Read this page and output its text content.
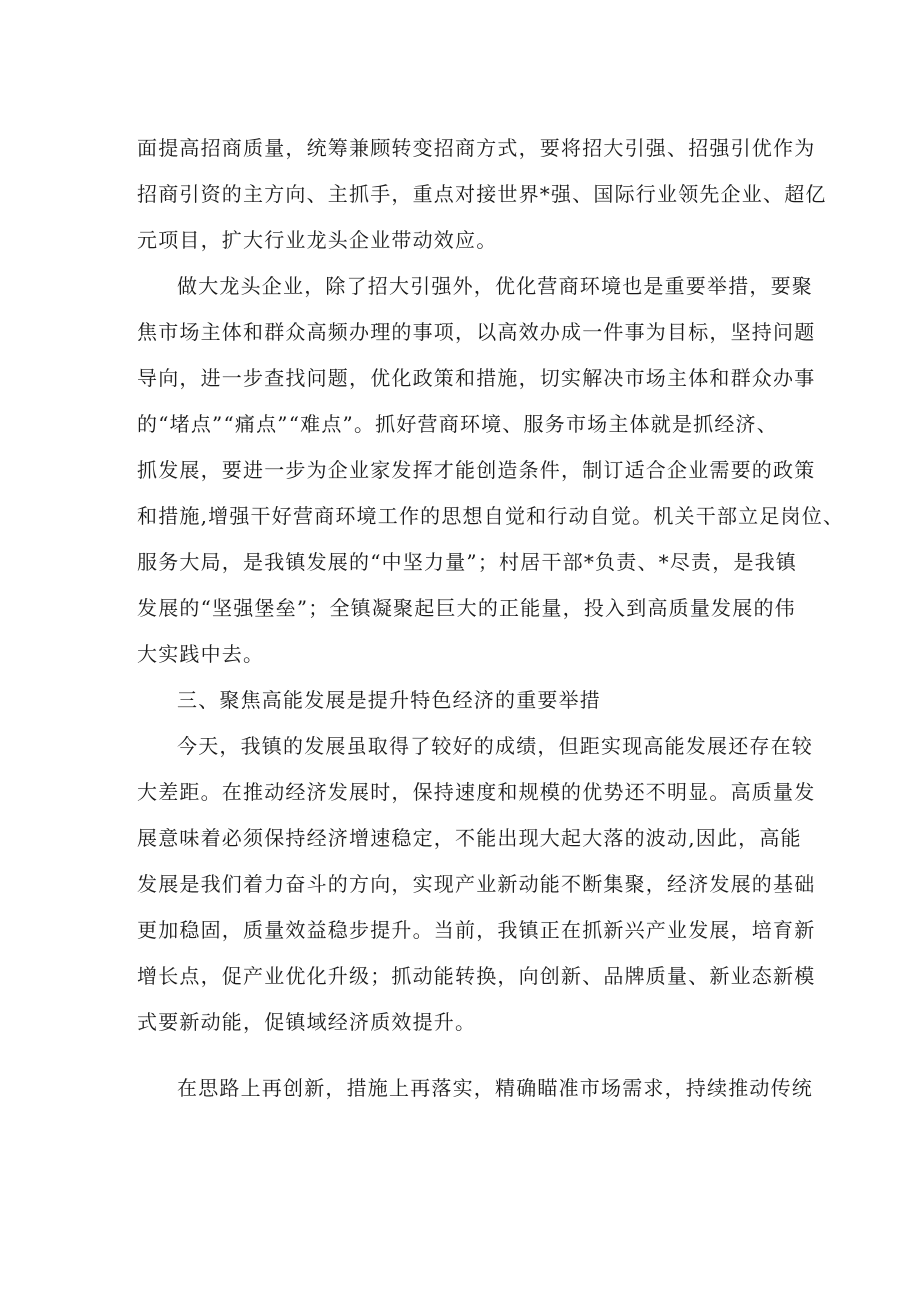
面提高招商质量，统筹兼顾转变招商方式，要将招大引强、招强引优作为
招商引资的主方向、主抓手，重点对接世界*强、国际行业领先企业、超亿
元项目，扩大行业龙头企业带动效应。
做大龙头企业，除了招大引强外，优化营商环境也是重要举措，要聚
焦市场主体和群众高频办理的事项，以高效办成一件事为目标，坚持问题
导向，进一步查找问题，优化政策和措施，切实解决市场主体和群众办事
的“堵点”“痛点”“难点”。抓好营商环境、服务市场主体就是抓经济、
抓发展，要进一步为企业家发挥才能创造条件，制订适合企业需要的政策
和措施,增强干好营商环境工作的思想自觉和行动自觉。机关干部立足岗位、
服务大局，是我镇发展的“中坚力量”；村居干部*负责、*尽责，是我镇
发展的“坚强堡垒”；全镇凝聚起巨大的正能量，投入到高质量发展的伟
大实践中去。
三、聚焦高能发展是提升特色经济的重要举措
今天，我镇的发展虽取得了较好的成绩，但距实现高能发展还存在较
大差距。在推动经济发展时，保持速度和规模的优势还不明显。高质量发
展意味着必须保持经济增速稳定，不能出现大起大落的波动,因此，高能
发展是我们着力奋斗的方向，实现产业新动能不断集聚，经济发展的基础
更加稳固，质量效益稳步提升。当前，我镇正在抓新兴产业发展，培育新
增长点，促产业优化升级；抓动能转换，向创新、品牌质量、新业态新模
式要新动能，促镇域经济质效提升。
在思路上再创新，措施上再落实，精确瞄准市场需求，持续推动传统
